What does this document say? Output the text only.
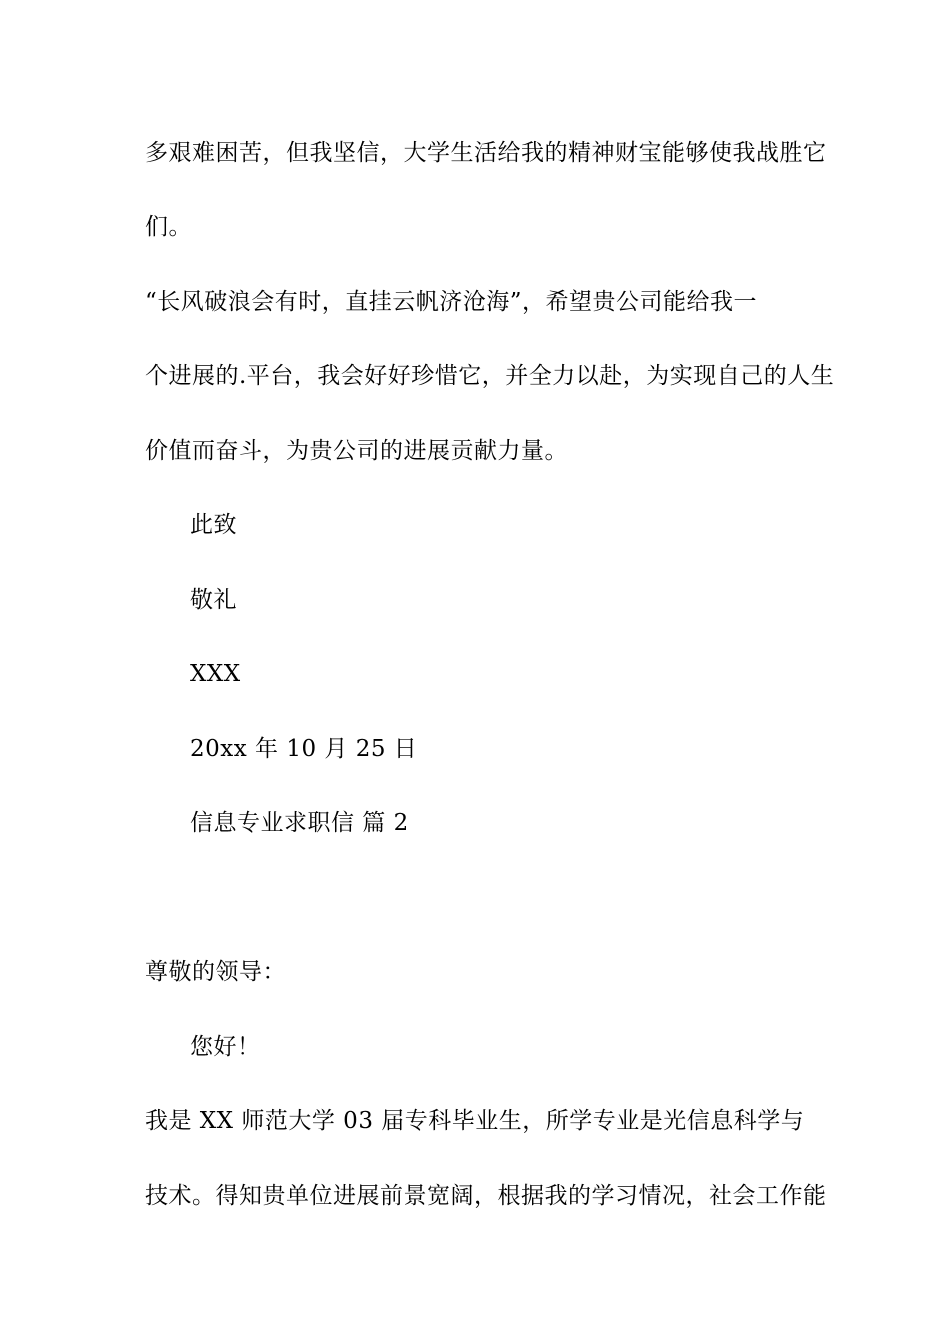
多艰难困苦，但我坚信，大学生活给我的精神财宝能够使我战胜它
们。
“长风破浪会有时，直挂云帆济沧海”，希望贵公司能给我一
个进展的.平台，我会好好珍惜它，并全力以赴，为实现自己的人生
价值而奋斗，为贵公司的进展贡献力量。
此致
敬礼
XXX
20xx 年 10 月 25 日
信息专业求职信 篇 2
尊敬的领导：
您好！
我是 XX 师范大学 03 届专科毕业生，所学专业是光信息科学与
技术。得知贵单位进展前景宽阔，根据我的学习情况，社会工作能
